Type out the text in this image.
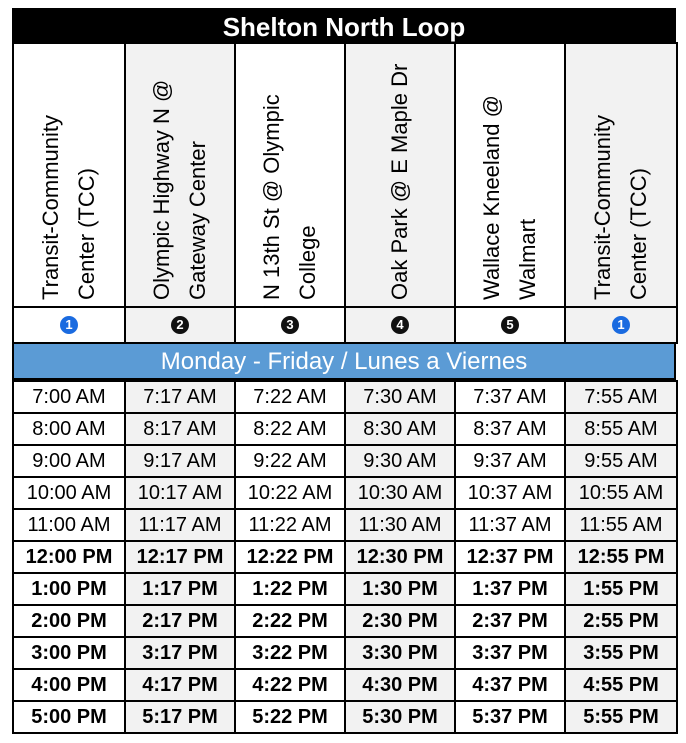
Shelton North Loop
Transit-Community Center (TCC)	Olympic Highway N @ Gateway Center	N 13th St @ Olympic College	Oak Park @ E Maple Dr	Wallace Kneeland @ Walmart	Transit-Community Center (TCC)

1	2	3	4	5	1
Monday - Friday / Lunes a Viernes
7:00 AM	7:17 AM	7:22 AM	7:30 AM	7:37 AM	7:55 AM
8:00 AM	8:17 AM	8:22 AM	8:30 AM	8:37 AM	8:55 AM
9:00 AM	9:17 AM	9:22 AM	9:30 AM	9:37 AM	9:55 AM
10:00 AM	10:17 AM	10:22 AM	10:30 AM	10:37 AM	10:55 AM
11:00 AM	11:17 AM	11:22 AM	11:30 AM	11:37 AM	11:55 AM
12:00 PM	12:17 PM	12:22 PM	12:30 PM	12:37 PM	12:55 PM
1:00 PM	1:17 PM	1:22 PM	1:30 PM	1:37 PM	1:55 PM
2:00 PM	2:17 PM	2:22 PM	2:30 PM	2:37 PM	2:55 PM
3:00 PM	3:17 PM	3:22 PM	3:30 PM	3:37 PM	3:55 PM
4:00 PM	4:17 PM	4:22 PM	4:30 PM	4:37 PM	4:55 PM
5:00 PM	5:17 PM	5:22 PM	5:30 PM	5:37 PM	5:55 PM
